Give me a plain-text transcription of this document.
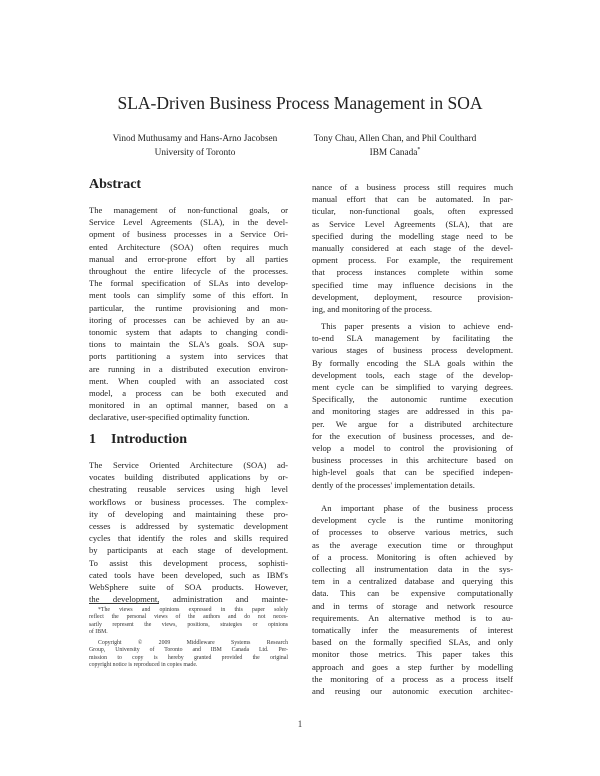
SLA-Driven Business Process Management in SOA
Vinod Muthusamy and Hans-Arno Jacobsen
University of Toronto
Tony Chau, Allen Chan, and Phil Coulthard
IBM Canada*
Abstract
The management of non-functional goals, or
Service Level Agreements (SLA), in the devel-
opment of business processes in a Service Ori-
ented Architecture (SOA) often requires much
manual and error-prone effort by all parties
throughout the entire lifecycle of the processes.
The formal specification of SLAs into develop-
ment tools can simplify some of this effort. In
particular, the runtime provisioning and mon-
itoring of processes can be achieved by an au-
tonomic system that adapts to changing condi-
tions to maintain the SLA's goals. SOA sup-
ports partitioning a system into services that
are running in a distributed execution environ-
ment. When coupled with an associated cost
model, a process can be both executed and
monitored in an optimal manner, based on a
declarative, user-specified optimality function.
1 Introduction
The Service Oriented Architecture (SOA) ad-
vocates building distributed applications by or-
chestrating reusable services using high level
workflows or business processes. The complex-
ity of developing and maintaining these pro-
cesses is addressed by systematic development
cycles that identify the roles and skills required
by participants at each stage of development.
To assist this development process, sophisti-
cated tools have been developed, such as IBM's
WebSphere suite of SOA products. However,
the development, administration and mainte-
*The views and opinions expressed in this paper solely
reflect the personal views of the authors and do not neces-
sarily represent the views, positions, strategies or opinions
of IBM.
Copyright © 2009 Middleware Systems Research
Group, University of Toronto and IBM Canada Ltd. Per-
mission to copy is hereby granted provided the original
copyright notice is reproduced in copies made.
nance of a business process still requires much
manual effort that can be automated. In par-
ticular, non-functional goals, often expressed
as Service Level Agreements (SLA), that are
specified during the modelling stage need to be
manually considered at each stage of the devel-
opment process. For example, the requirement
that process instances complete within some
specified time may influence decisions in the
development, deployment, resource provision-
ing, and monitoring of the process.
This paper presents a vision to achieve end-
to-end SLA management by facilitating the
various stages of business process development.
By formally encoding the SLA goals within the
development tools, each stage of the develop-
ment cycle can be simplified to varying degrees.
Specifically, the autonomic runtime execution
and monitoring stages are addressed in this pa-
per. We argue for a distributed architecture
for the execution of business processes, and de-
velop a model to control the provisioning of
business processes in this architecture based on
high-level goals that can be specified indepen-
dently of the processes' implementation details.
An important phase of the business process
development cycle is the runtime monitoring
of processes to observe various metrics, such
as the average execution time or throughput
of a process. Monitoring is often achieved by
collecting all instrumentation data in the sys-
tem in a centralized database and querying this
data. This can be expensive computationally
and in terms of storage and network resource
requirements. An alternative method is to au-
tomatically infer the measurements of interest
based on the formally specified SLAs, and only
monitor those metrics. This paper takes this
approach and goes a step further by modelling
the monitoring of a process as a process itself
and reusing our autonomic execution architec-
1
